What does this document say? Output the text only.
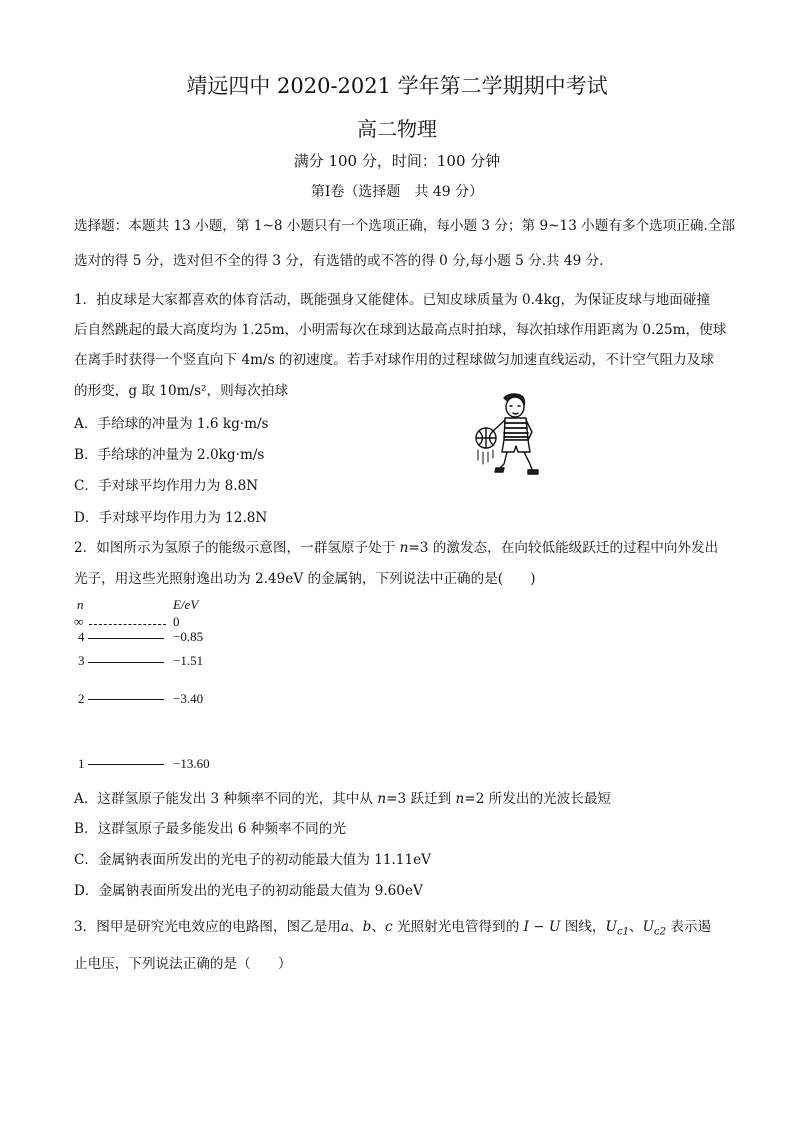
靖远四中 2020-2021 学年第二学期期中考试
高二物理
满分 100 分，时间：100 分钟
第Ⅰ卷（选择题　共 49 分）
选择题：本题共 13 小题，第 1~8 小题只有一个选项正确，每小题 3 分；第 9~13 小题有多个选项正确.全部
选对的得 5 分，选对但不全的得 3 分，有选错的或不答的得 0 分,每小题 5 分.共 49 分.
1．拍皮球是大家都喜欢的体育活动，既能强身又能健体。已知皮球质量为 0.4kg，为保证皮球与地面碰撞
后自然跳起的最大高度均为 1.25m，小明需每次在球到达最高点时拍球，每次拍球作用距离为 0.25m，使球
在离手时获得一个竖直向下 4m/s 的初速度。若手对球作用的过程球做匀加速直线运动，不计空气阻力及球
的形变，g 取 10m/s²，则每次拍球
A．手给球的冲量为 1.6 kg·m/s
B．手给球的冲量为 2.0kg·m/s
C．手对球平均作用力为 8.8N
D．手对球平均作用力为 12.8N
2．如图所示为氢原子的能级示意图，一群氢原子处于 n=3 的激发态，在向较低能级跃迁的过程中向外发出
光子，用这些光照射逸出功为 2.49eV 的金属钠，下列说法中正确的是(　　)
n	E/eV
∞	0
4	−0.85
3	−1.51
2	−3.40
1	−13.60
A．这群氢原子能发出 3 种频率不同的光，其中从 n=3 跃迁到 n=2 所发出的光波长最短
B．这群氢原子最多能发出 6 种频率不同的光
C．金属钠表面所发出的光电子的初动能最大值为 11.11eV
D．金属钠表面所发出的光电子的初动能最大值为 9.60eV
3．图甲是研究光电效应的电路图，图乙是用a、b、c 光照射光电管得到的 I − U 图线，$U_{c1}$、$U_{c2}$ 表示遏
止电压，下列说法正确的是（　　）
